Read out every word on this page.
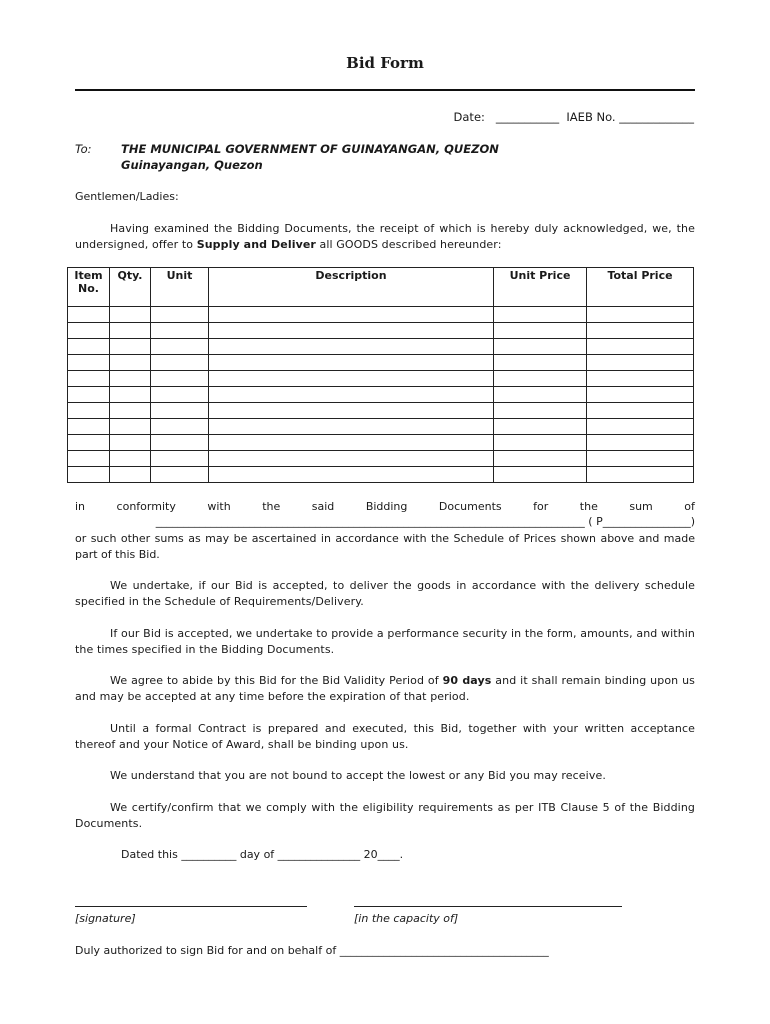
Bid Form
Date:   ___________  IAEB No. _____________
To:	THE MUNICIPAL GOVERNMENT OF GUINAYANGAN, QUEZON
Guinayangan, Quezon
Gentlemen/Ladies:
Having examined the Bidding Documents, the receipt of which is hereby duly acknowledged, we, the undersigned, offer to Supply and Deliver all GOODS described hereunder:
Item No.	Qty.	Unit	Description	Unit Price	Total Price

in	conformity	with	the	said	Bidding	Documents	for	the	sum	of
______________________________________________________________________________ ( P________________)
or such other sums as may be ascertained in accordance with the Schedule of Prices shown above and made part of this Bid.
We undertake, if our Bid is accepted, to deliver the goods in accordance with the delivery schedule specified in the Schedule of Requirements/Delivery.
If our Bid is accepted, we undertake to provide a performance security in the form, amounts, and within the times specified in the Bidding Documents.
We agree to abide by this Bid for the Bid Validity Period of 90 days and it shall remain binding upon us and may be accepted at any time before the expiration of that period.
Until a formal Contract is prepared and executed, this Bid, together with your written acceptance thereof and your Notice of Award, shall be binding upon us.
We understand that you are not bound to accept the lowest or any Bid you may receive.
We certify/confirm that we comply with the eligibility requirements as per ITB Clause 5 of the Bidding Documents.
Dated this __________ day of _______________ 20____.
[signature]	[in the capacity of]
Duly authorized to sign Bid for and on behalf of ______________________________________
